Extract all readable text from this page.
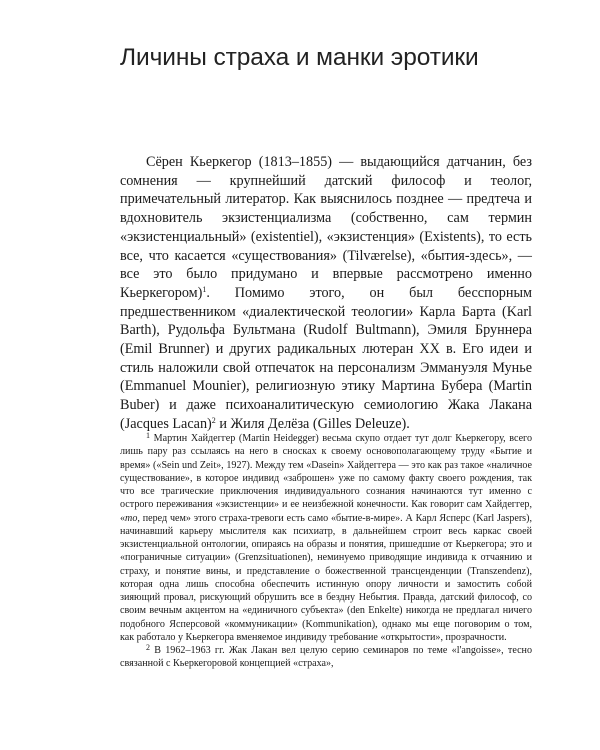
Личины страха и манки эротики

Сёрен Кьеркегор (1813–1855) — выдающийся датчанин, без сомнения — крупнейший датский философ и теолог, примечательный литератор. Как выяснилось позднее — предтеча и вдохновитель экзистенциализма (собственно, сам термин «экзистенциальный» (existentiel), «экзистенция» (Existents), то есть все, что касается «существования» (Tilværelse), «бытия-здесь», — все это было придумано и впервые рассмотрено именно Кьеркегором)$^1$. Помимо этого, он был бесспорным предшественником «диалектической теологии» Карла Барта (Karl Barth), Рудольфа Бультмана (Rudolf Bultmann), Эмиля Бруннера (Emil Brunner) и других радикальных лютеран XX в. Его идеи и стиль наложили свой отпечаток на персонализм Эммануэля Мунье (Emmanuel Mounier), религиозную этику Мартина Бубера (Martin Buber) и даже психоаналитическую семиологию Жака Лакана (Jacques Lacan)$^2$ и Жиля Делёза (Gilles Deleuze).

$^1$ Мартин Хайдеггер (Martin Heidegger) весьма скупо отдает тут долг Кьеркегору, всего лишь пару раз ссылаясь на него в сносках к своему основополагающему труду «Бытие и время» («Sein und Zeit», 1927). Между тем «Dasein» Хайдеггера — это как раз такое «наличное существование», в которое индивид «заброшен» уже по самому факту своего рождения, так что все трагические приключения индивидуального сознания начинаются тут именно с острого переживания «экзистенции» и ее неизбежной конечности. Как говорит сам Хайдеггер, «то, перед чем» этого страха-тревоги есть само «бытие-в-мире». А Карл Ясперс (Karl Jaspers), начинавший карьеру мыслителя как психиатр, в дальнейшем строит весь каркас своей экзистенциальной онтологии, опираясь на образы и понятия, пришедшие от Кьеркегора; это и «пограничные ситуации» (Grenzsituationen), неминуемо приводящие индивида к отчаянию и страху, и понятие вины, и представление о божественной трансценденции (Transzendenz), которая одна лишь способна обеспечить истинную опору личности и замостить собой зияющий провал, рискующий обрушить все в бездну Небытия. Правда, датский философ, со своим вечным акцентом на «единичного субъекта» (den Enkelte) никогда не предлагал ничего подобного Ясперсовой «коммуникации» (Kommunikation), однако мы еще поговорим о том, как работало у Кьеркегора вменяемое индивиду требование «открытости», прозрачности.

$^2$ В 1962–1963 гг. Жак Лакан вел целую серию семинаров по теме «l'angoisse», тесно связанной с Кьеркегоровой концепцией «страха»,
